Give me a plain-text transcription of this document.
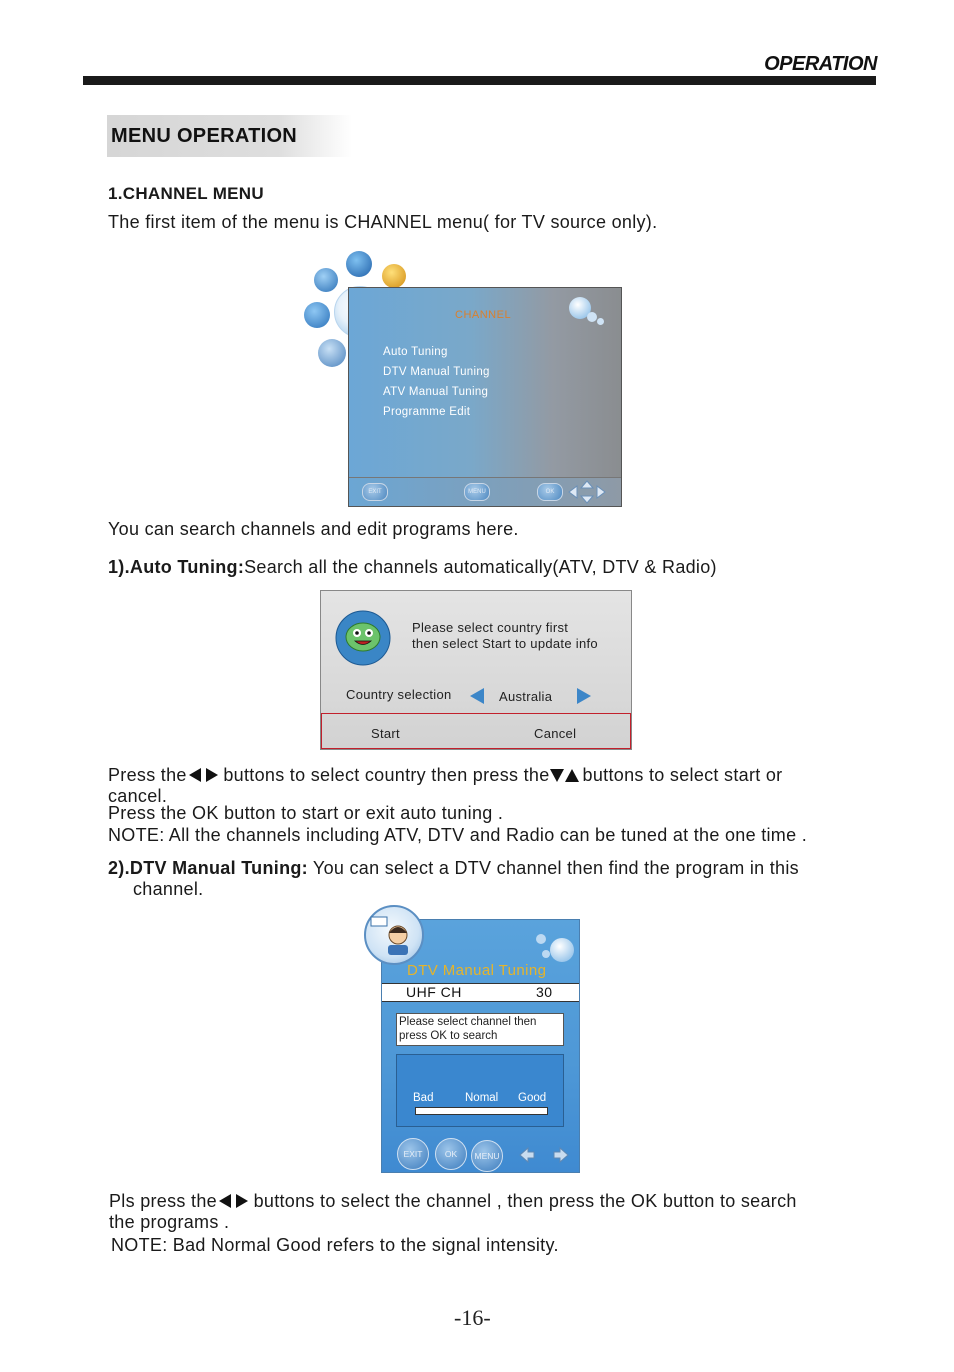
OPERATION
MENU OPERATION
1.CHANNEL MENU
The first item of the menu is CHANNEL menu( for TV source only).
CHANNEL
Auto Tuning
DTV Manual Tuning
ATV Manual Tuning
Programme Edit
EXIT	MENU	OK
You can search channels and edit programs here.
1).Auto Tuning:Search all the channels automatically(ATV, DTV & Radio)
Please select country first
then select Start to update info
Country selection	Australia
Start	Cancel
Press the buttons to select country then press the buttons to select start or
cancel.
Press the OK button to start or exit auto tuning .
NOTE: All the channels including ATV, DTV and Radio can be tuned at the one time .
2).DTV Manual Tuning: You can select a DTV channel then find the program in this
channel.
DTV Manual Tuning
UHF CH	30
Please select channel then
press OK to search
Bad	Nomal Good
EXIT	OK	MENU
Pls press the buttons to select the channel , then press the OK button to search
the programs .
NOTE: Bad Normal Good refers to the signal intensity.
-16-
